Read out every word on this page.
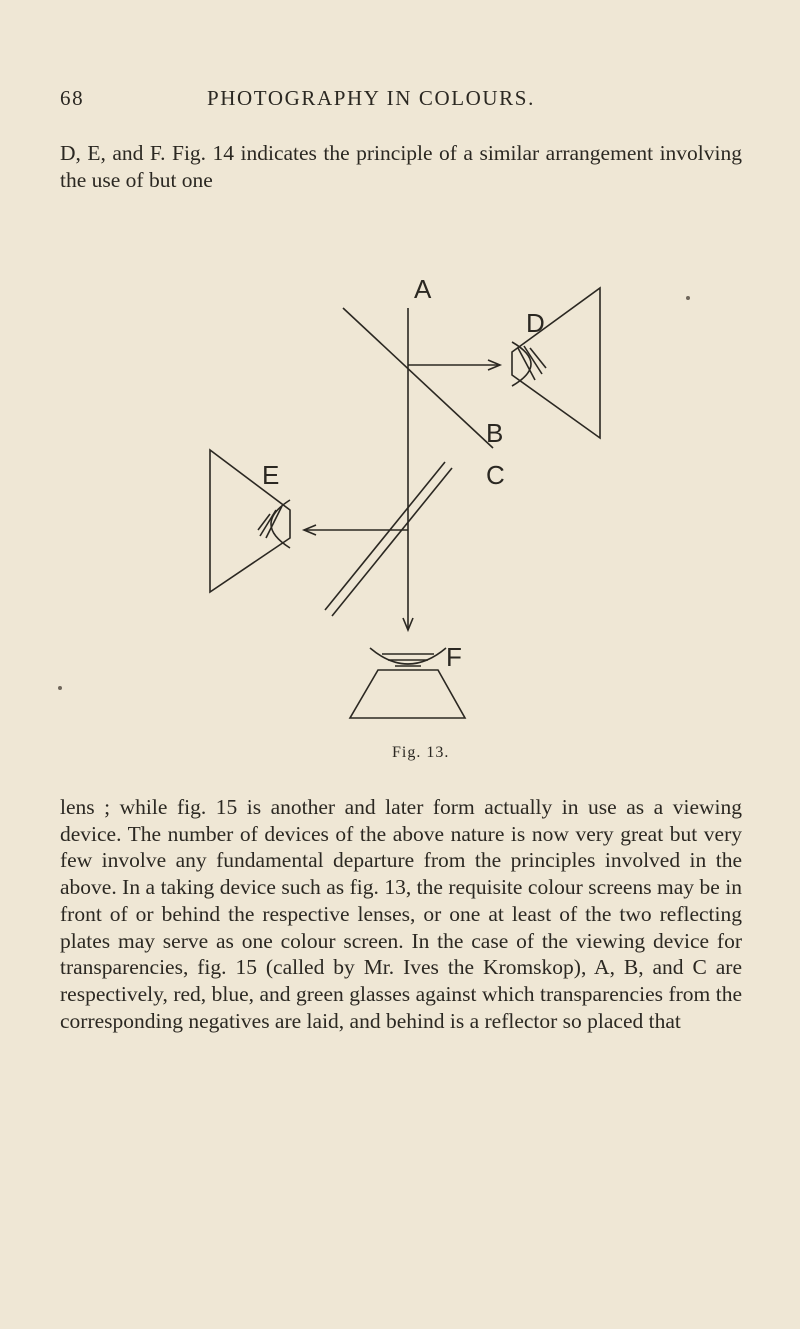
68	PHOTOGRAPHY IN COLOURS.

D, E, and F. Fig. 14 indicates the principle of a similar arrangement involving the use of but one

A
B
C
D
E
F
Fig. 13.

lens ; while fig. 15 is another and later form actually in use as a viewing device. The number of devices of the above nature is now very great but very few involve any fundamental departure from the principles involved in the above. In a taking device such as fig. 13, the requisite colour screens may be in front of or behind the respective lenses, or one at least of the two reflecting plates may serve as one colour screen. In the case of the viewing device for transparencies, fig. 15 (called by Mr. Ives the Kromskop), A, B, and C are respectively, red, blue, and green glasses against which transparencies from the corresponding negatives are laid, and behind is a reflector so placed that
